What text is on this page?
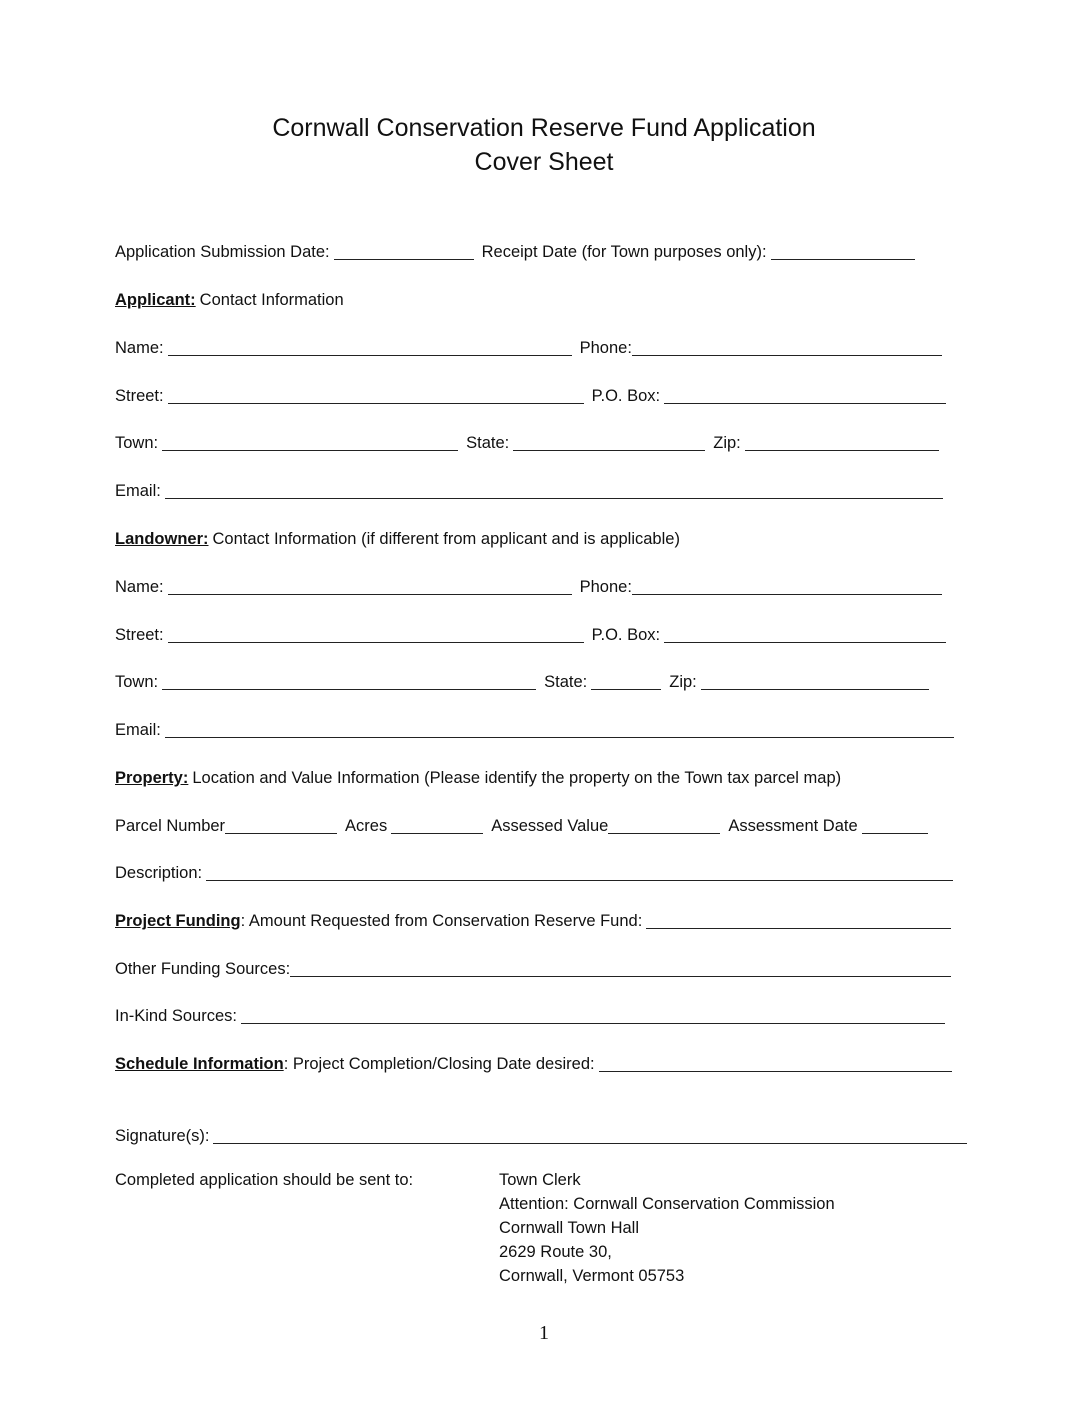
Cornwall Conservation Reserve Fund Application
Cover Sheet
Application Submission Date:	Receipt Date (for Town purposes only):
Applicant: Contact Information
Name:	Phone:
Street:	P.O. Box:
Town:	State:	Zip:
Email:
Landowner: Contact Information (if different from applicant and is applicable)
Name:	Phone:
Street:	P.O. Box:
Town:	State:	Zip:
Email:
Property: Location and Value Information (Please identify the property on the Town tax parcel map)
Parcel Number	Acres	Assessed Value	Assessment Date
Description:
Project Funding : Amount Requested from Conservation Reserve Fund:
Other Funding Sources:
In-Kind Sources:
Schedule Information : Project Completion/Closing Date desired:
Signature(s):
Completed application should be sent to:	Town Clerk
Attention: Cornwall Conservation Commission
Cornwall Town Hall
2629 Route 30,
Cornwall, Vermont 05753
1
